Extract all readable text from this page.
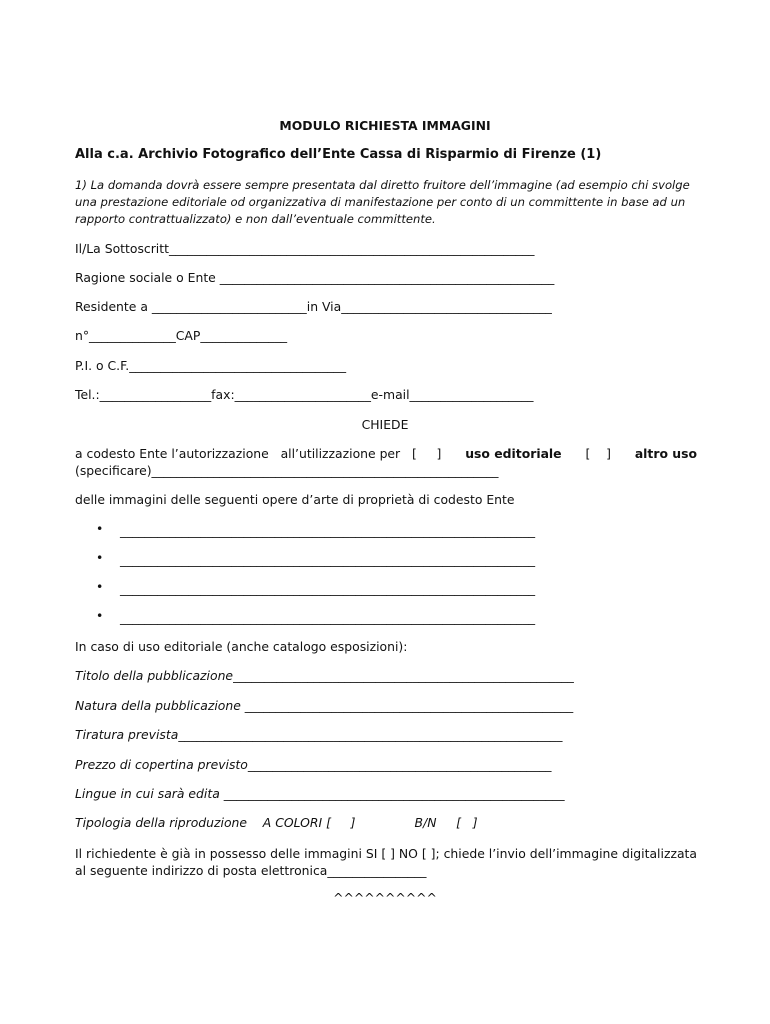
MODULO RICHIESTA IMMAGINI
Alla c.a. Archivio Fotografico dell’Ente Cassa di Risparmio di Firenze (1)
1) La domanda dovrà essere sempre presentata dal diretto fruitore dell’immagine (ad esempio chi svolge una prestazione editoriale od organizzativa di manifestazione per conto di un committente in base ad un rapporto contrattualizzato) e non dall’eventuale committente.
Il/La Sottoscritt___________________________________________________________
Ragione sociale o Ente ______________________________________________________
Residente a _________________________in Via__________________________________
n°______________CAP______________
P.I. o C.F.___________________________________
Tel.:__________________fax:______________________e-mail____________________
CHIEDE
a codesto Ente l’autorizzazione   all’utilizzazione per   [     ] uso editoriale [    ] altro uso
(specificare)________________________________________________________
delle immagini delle seguenti opere d’arte di proprietà di codesto Ente
• ___________________________________________________________________
• ___________________________________________________________________
• ___________________________________________________________________
• ___________________________________________________________________
In caso di uso editoriale (anche catalogo esposizioni):
Titolo della pubblicazione_______________________________________________________
Natura della pubblicazione _____________________________________________________
Tiratura prevista______________________________________________________________
Prezzo di copertina previsto_________________________________________________
Lingue in cui sarà edita _______________________________________________________
Tipologia della riproduzione    A COLORI [     ]               B/N     [   ]
Il richiedente è già in possesso delle immagini SI [ ] NO [ ]; chiede l’invio dell’immagine digitalizzata al seguente indirizzo di posta elettronica________________
^^^^^^^^^^
